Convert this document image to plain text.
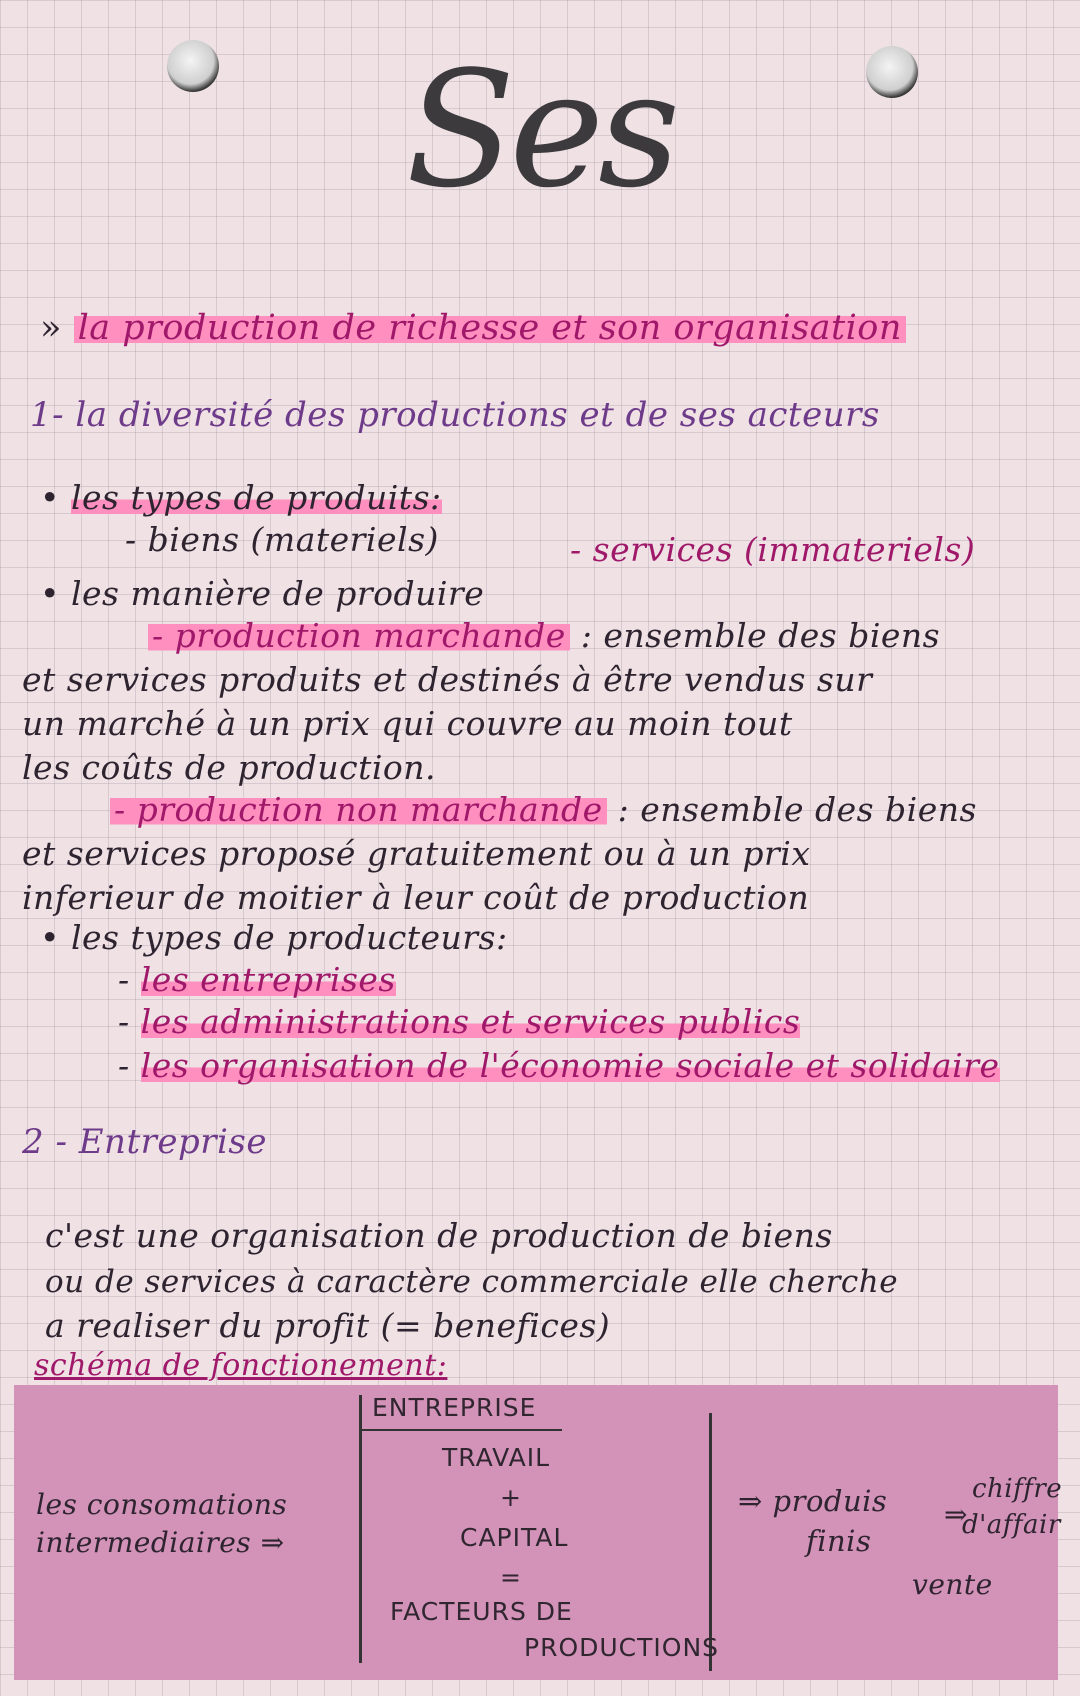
Ses
» la production de richesse et son organisation
1- la diversité des productions et de ses acteurs
• les types de produits:
- biens (materiels)	- services (immateriels)
• les manière de produire
- production marchande : ensemble des biens
et services produits et destinés à être vendus sur
un marché à un prix qui couvre au moin tout
les coûts de production.
- production non marchande : ensemble des biens
et services proposé gratuitement ou à un prix
inferieur de moitier à leur coût de production
• les types de producteurs:
- les entreprises
- les administrations et services publics
- les organisation de l'économie sociale et solidaire
2 - Entreprise
c'est une organisation de production de biens
ou de services à caractère commerciale elle cherche
a realiser du profit (= benefices)
schéma de fonctionement:
les consomations
intermediaires ⇒
ENTREPRISE
TRAVAIL
+
CAPITAL
=
FACTEURS DE
PRODUCTIONS
⇒ produis
finis
⇒
chiffre
d'affair
vente
